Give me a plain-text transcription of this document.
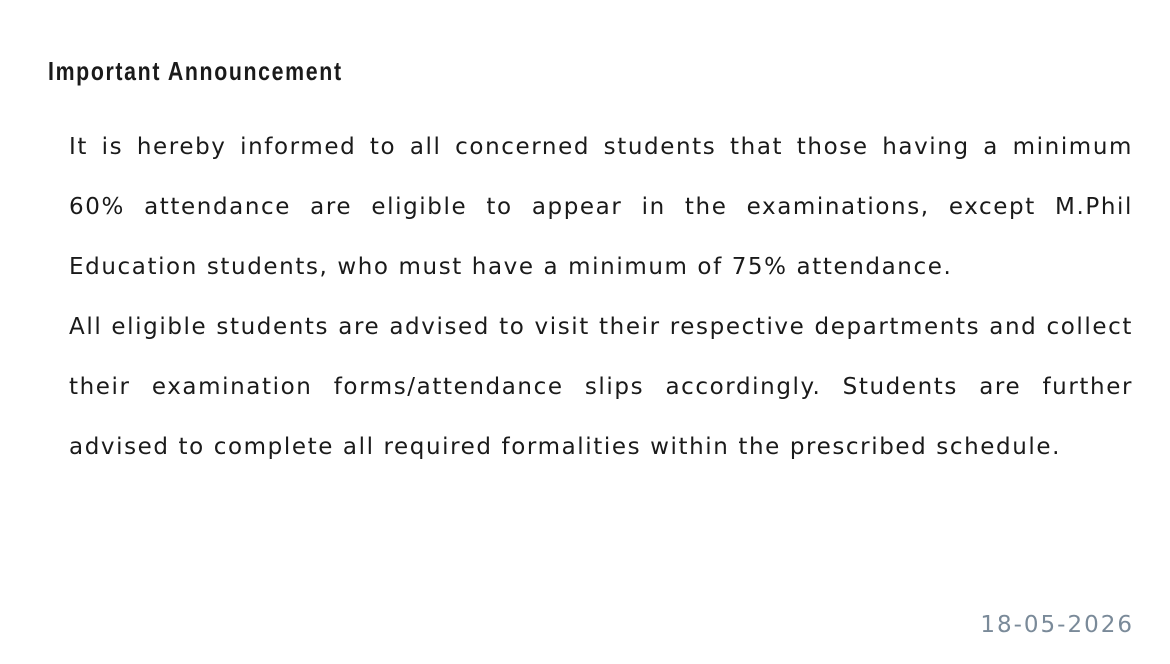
Important Announcement

It is hereby informed to all concerned students that those having a minimum 60% attendance are eligible to appear in the examinations, except M.Phil Education students, who must have a minimum of 75% attendance.

All eligible students are advised to visit their respective departments and collect their examination forms/attendance slips accordingly. Students are further advised to complete all required formalities within the prescribed schedule.

18-05-2026
